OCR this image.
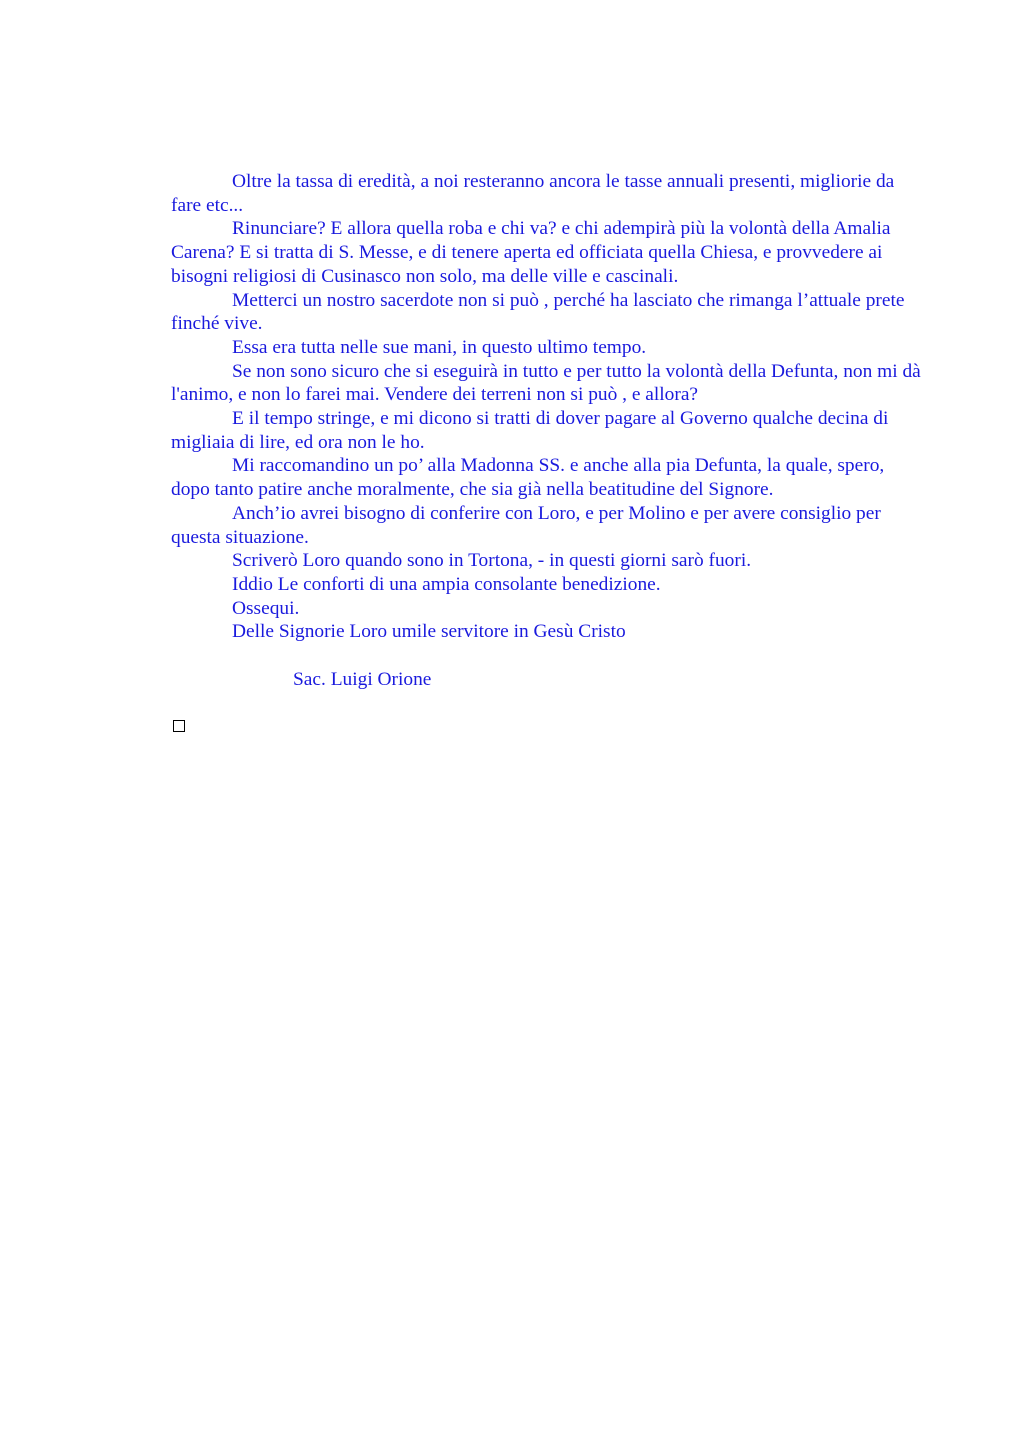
Oltre la tassa di eredità, a noi resteranno ancora le tasse annuali presenti, migliorie da fare etc...

Rinunciare? E allora quella roba e chi va? e chi adempirà più la volontà della Amalia Carena? E si tratta di S. Messe, e di tenere aperta ed officiata quella Chiesa, e provvedere ai bisogni religiosi di Cusinasco non solo, ma delle ville e cascinali.

Metterci un nostro sacerdote non si può , perché ha lasciato che rimanga l’attuale prete finché vive.

Essa era tutta nelle sue mani, in questo ultimo tempo.

Se non sono sicuro che si eseguirà in tutto e per tutto la volontà della Defunta, non mi dà l'animo, e non lo farei mai. Vendere dei terreni non si può , e allora?

E il tempo stringe, e mi dicono si tratti di dover pagare al Governo qualche decina di migliaia di lire, ed ora non le ho.

Mi raccomandino un po’ alla Madonna SS. e anche alla pia Defunta, la quale, spero, dopo tanto patire anche moralmente, che sia già nella beatitudine del Signore.

Anch’io avrei bisogno di conferire con Loro, e per Molino e per avere consiglio per questa situazione.

Scriverò Loro quando sono in Tortona, - in questi giorni sarò fuori.

Iddio Le conforti di una ampia consolante benedizione.

Ossequi.

Delle Signorie Loro umile servitore in Gesù Cristo
Sac. Luigi Orione
